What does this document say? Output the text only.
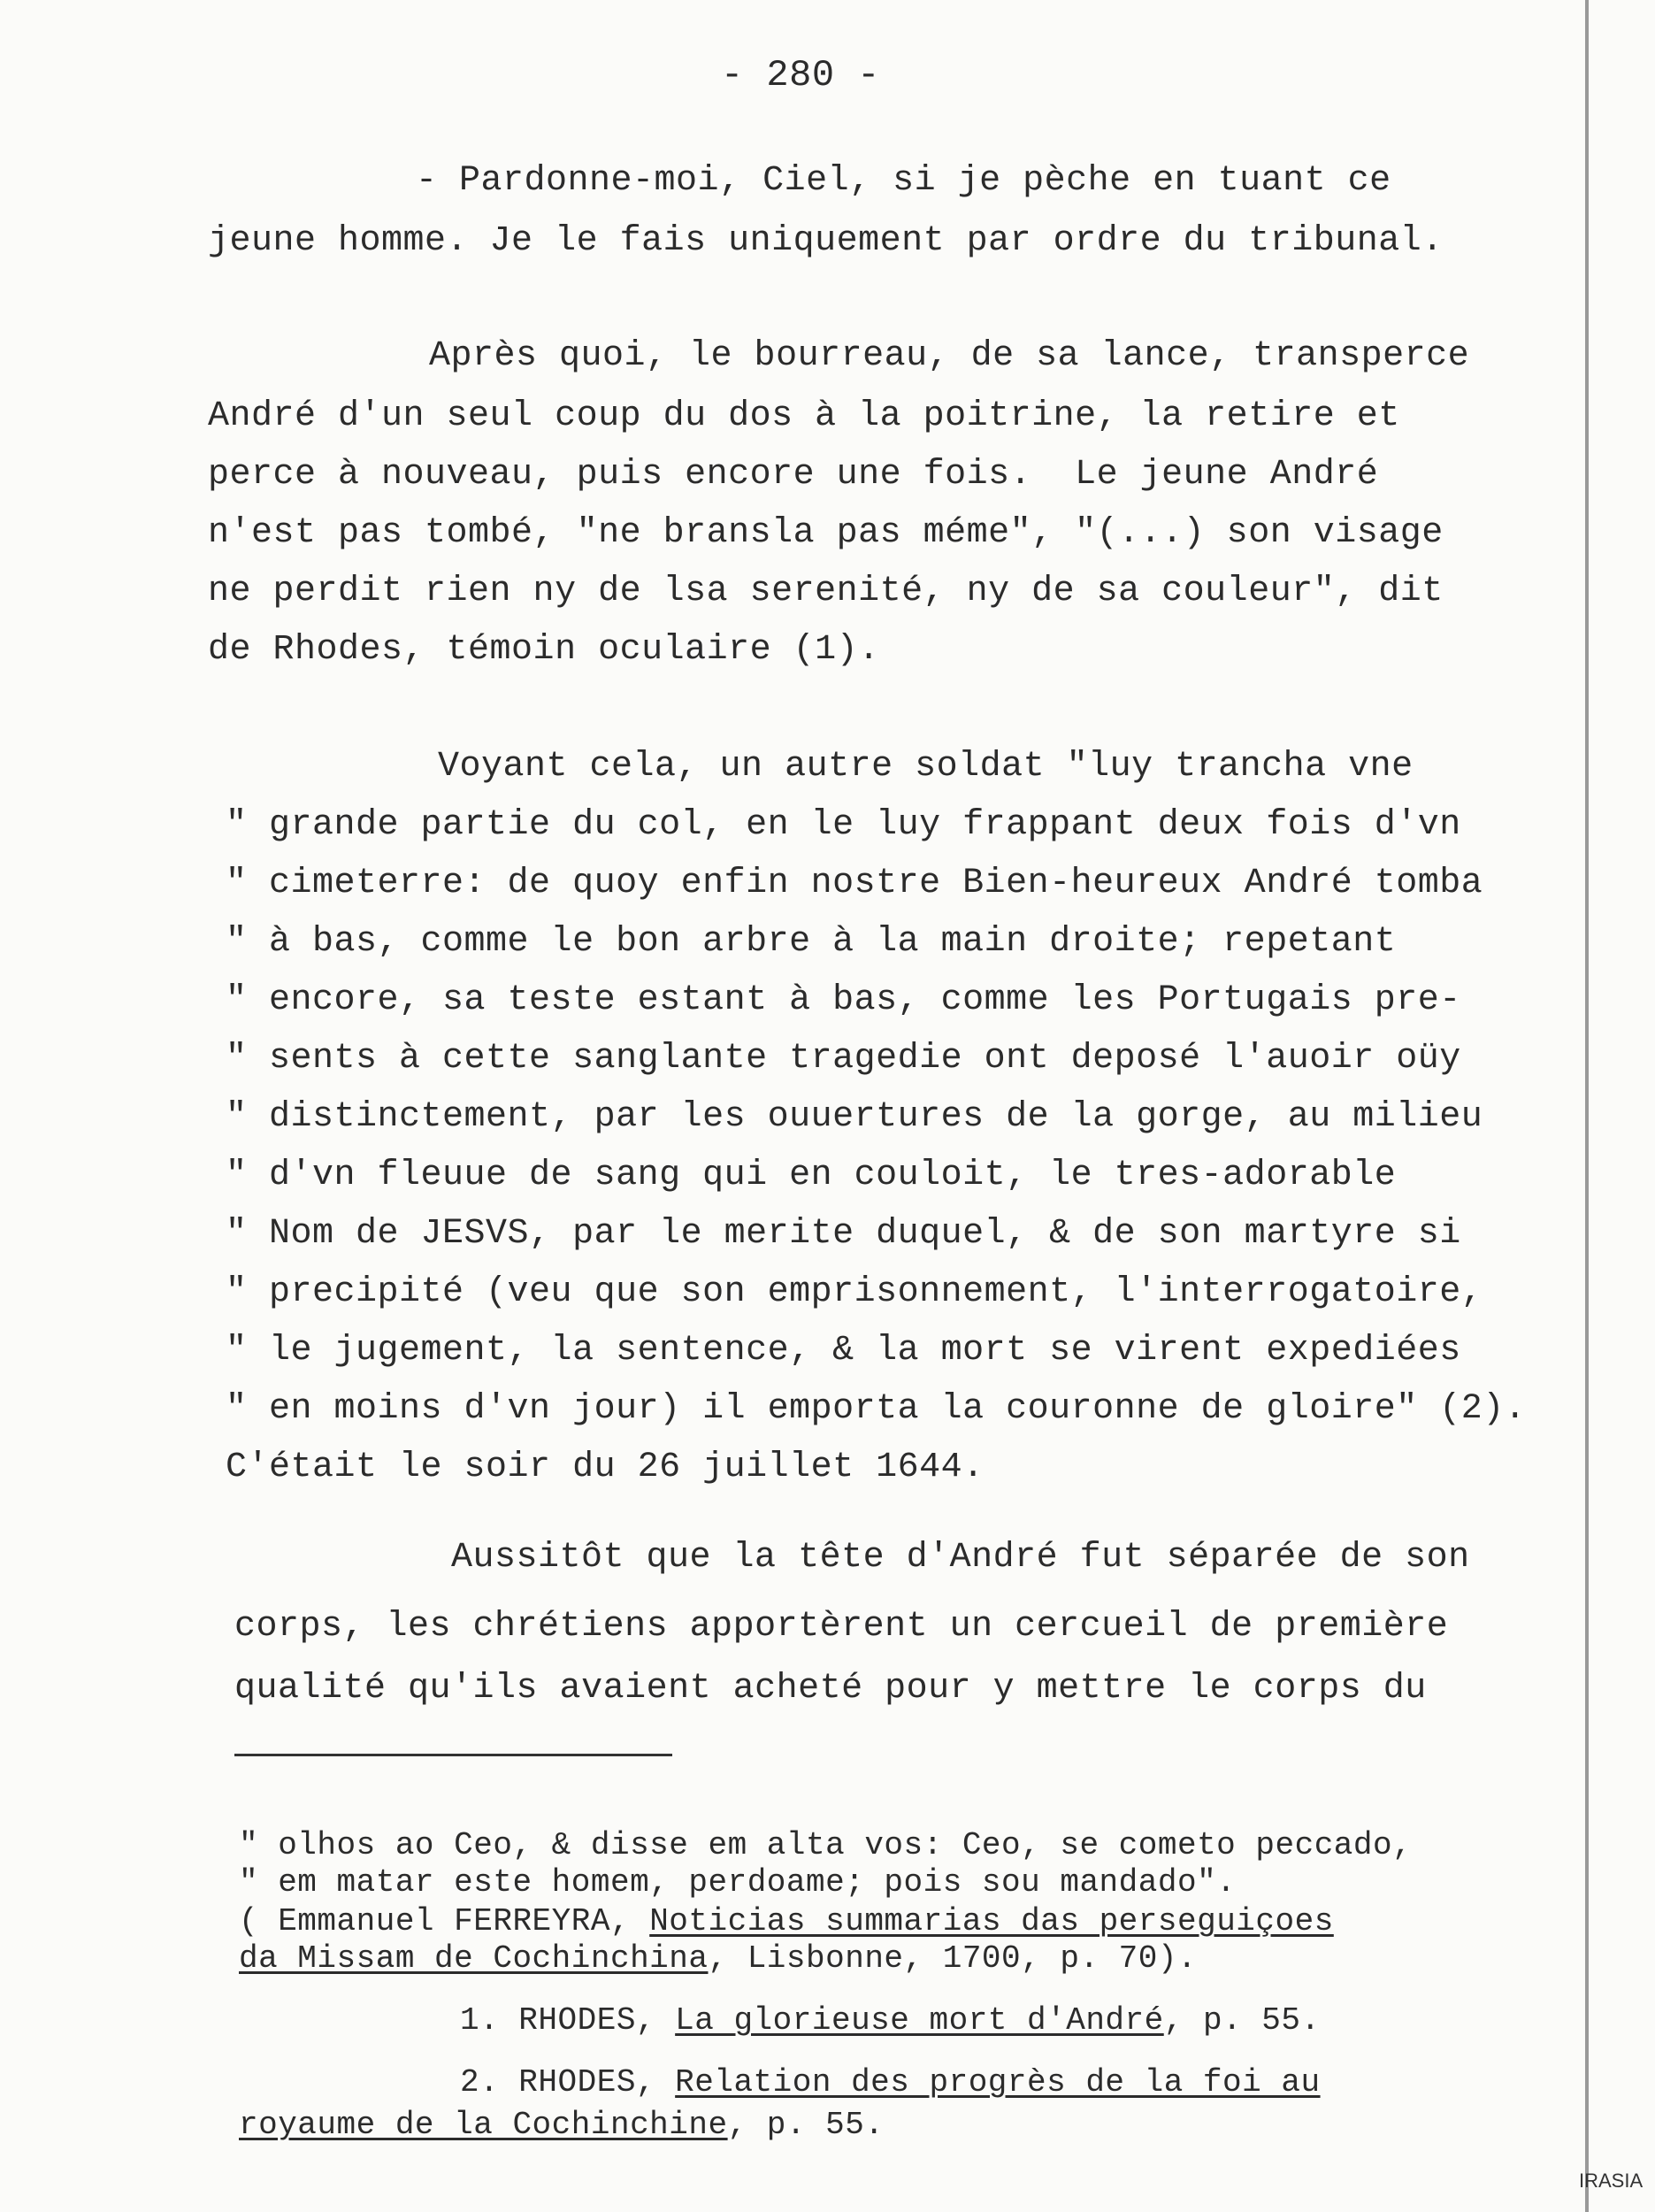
- 280 -
- Pardonne-moi, Ciel, si je pèche en tuant ce
jeune homme. Je le fais uniquement par ordre du tribunal.
Après quoi, le bourreau, de sa lance, transperce
André d'un seul coup du dos à la poitrine, la retire et
perce à nouveau, puis encore une fois.  Le jeune André
n'est pas tombé, "ne bransla pas méme", "(...) son visage
ne perdit rien ny de lsa serenité, ny de sa couleur", dit
de Rhodes, témoin oculaire (1).
Voyant cela, un autre soldat "luy trancha vne
" grande partie du col, en le luy frappant deux fois d'vn
" cimeterre: de quoy enfin nostre Bien-heureux André tomba
" à bas, comme le bon arbre à la main droite; repetant
" encore, sa teste estant à bas, comme les Portugais pre-
" sents à cette sanglante tragedie ont deposé l'auoir oüy
" distinctement, par les ouuertures de la gorge, au milieu
" d'vn fleuue de sang qui en couloit, le tres-adorable
" Nom de JESVS, par le merite duquel, & de son martyre si
" precipité (veu que son emprisonnement, l'interrogatoire,
" le jugement, la sentence, & la mort se virent expediées
" en moins d'vn jour) il emporta la couronne de gloire" (2).
C'était le soir du 26 juillet 1644.
Aussitôt que la tête d'André fut séparée de son
corps, les chrétiens apportèrent un cercueil de première
qualité qu'ils avaient acheté pour y mettre le corps du
" olhos ao Ceo, & disse em alta vos: Ceo, se cometo peccado,
" em matar este homem, perdoame; pois sou mandado".
( Emmanuel FERREYRA, Noticias summarias das perseguiçoes
da Missam de Cochinchina, Lisbonne, 1700, p. 70).
1. RHODES, La glorieuse mort d'André, p. 55.
2. RHODES, Relation des progrès de la foi au
royaume de la Cochinchine, p. 55.
IRASIA
